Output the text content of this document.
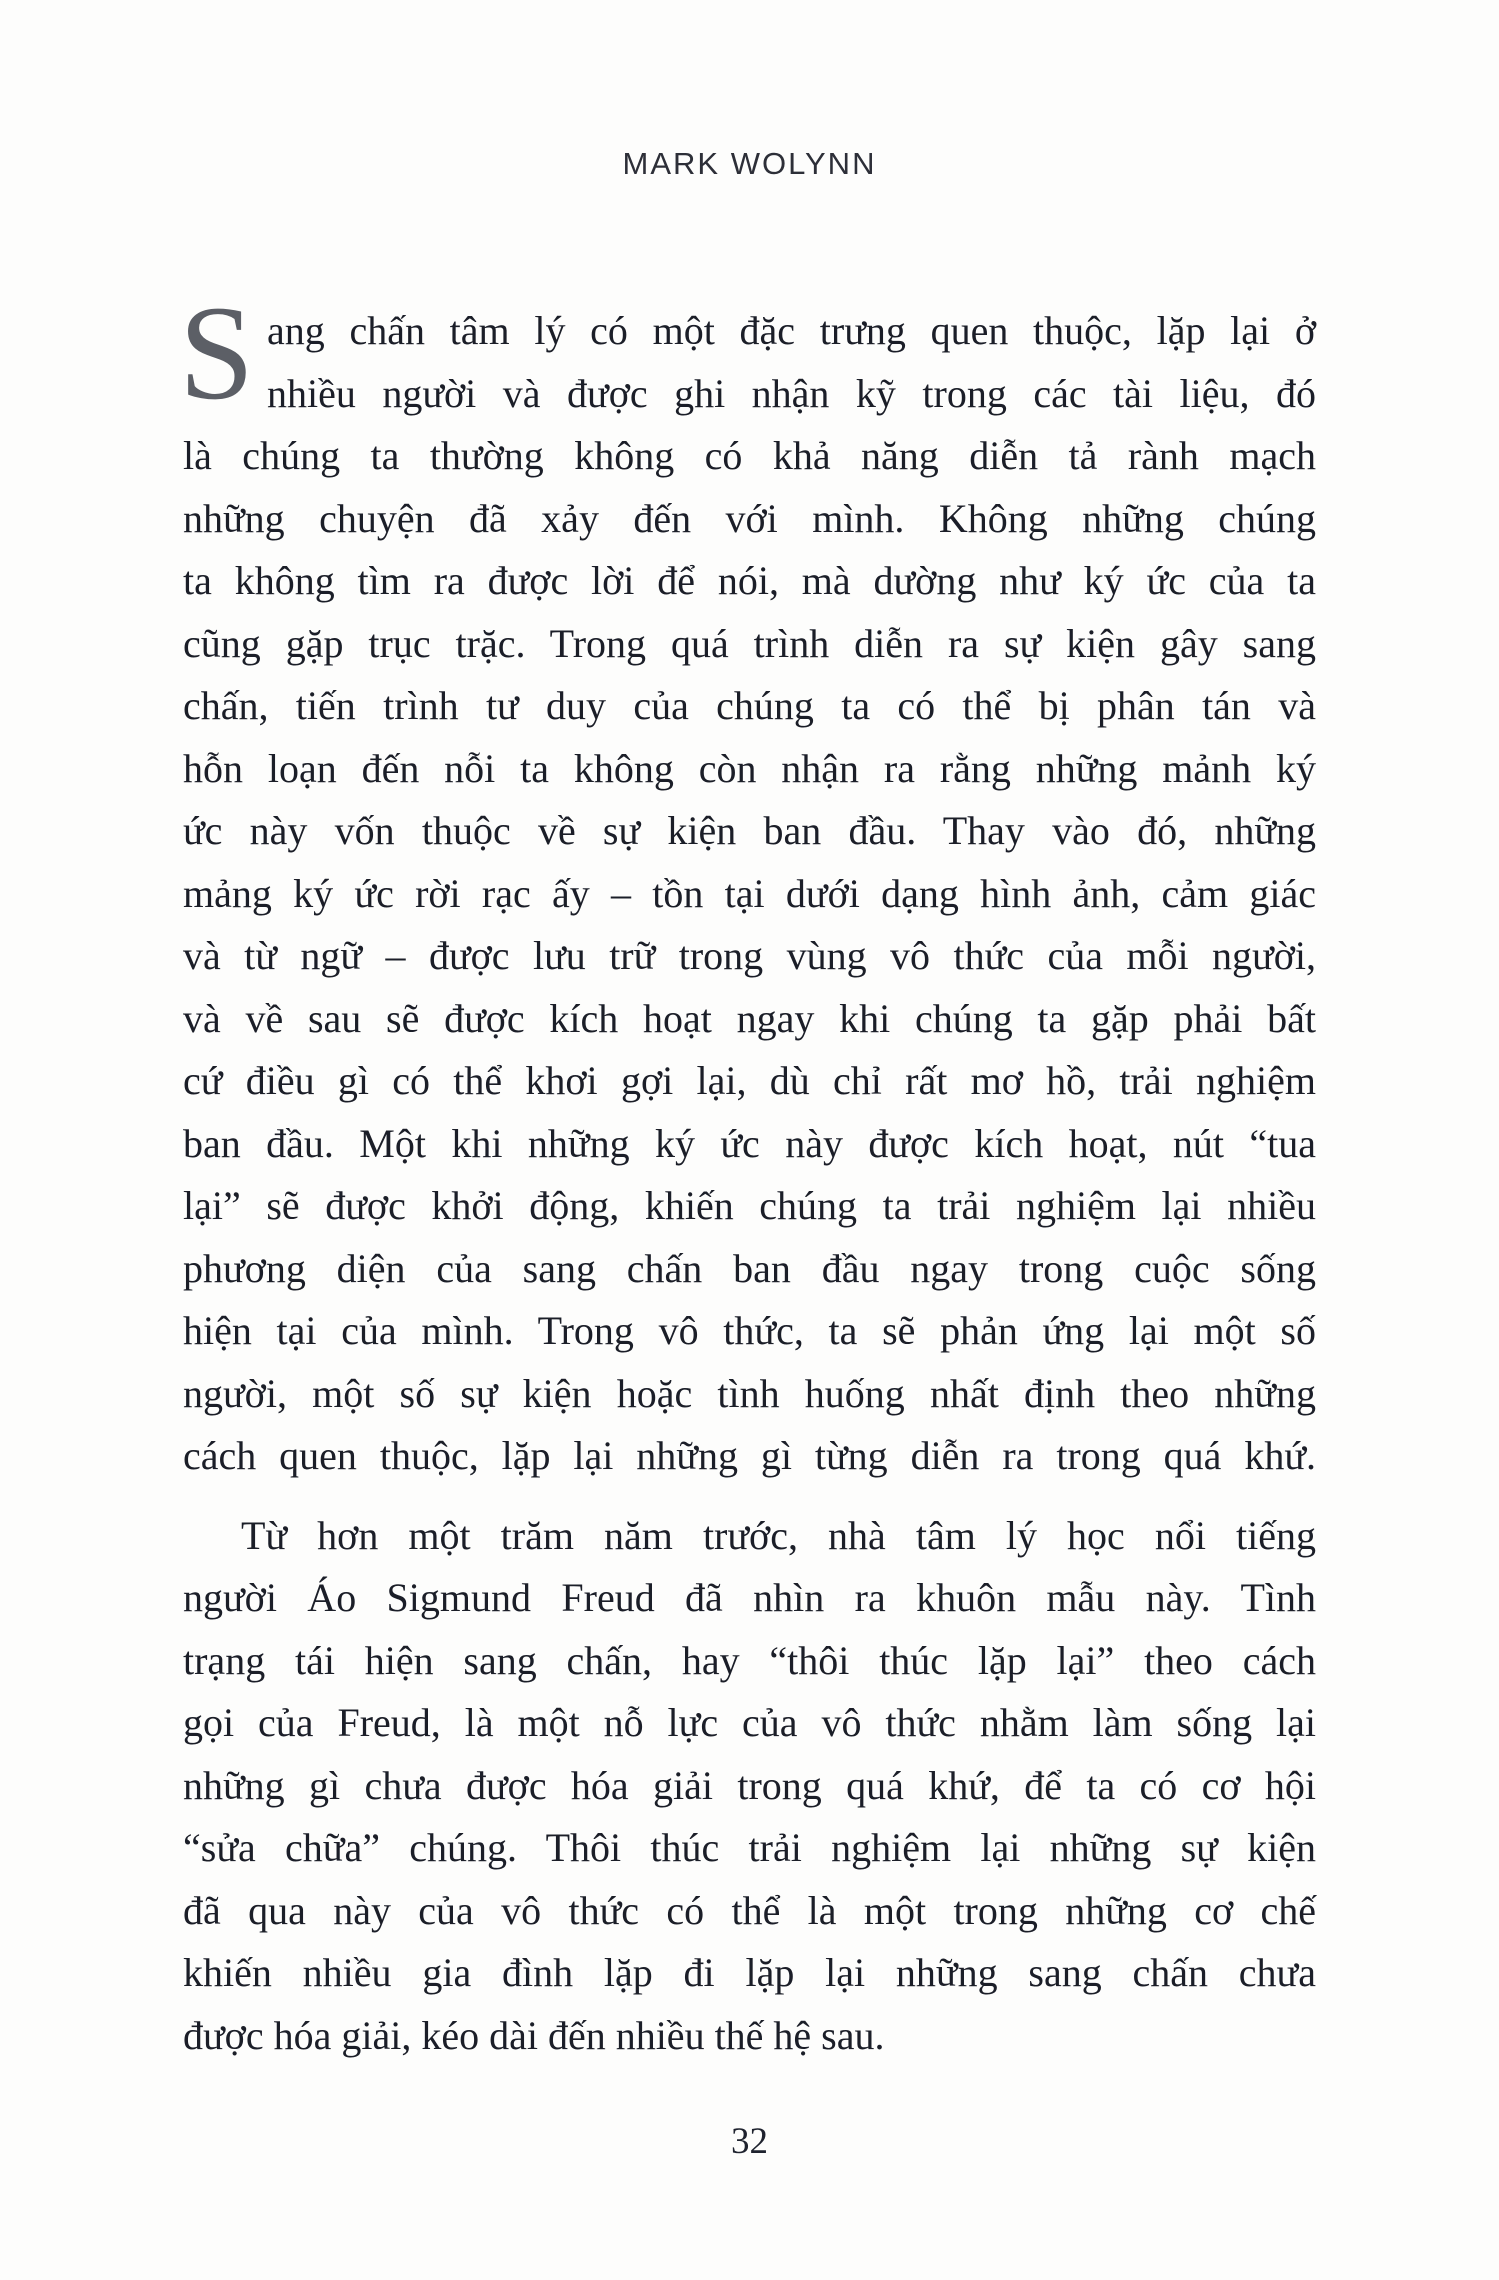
MARK WOLYNN
S ang chấn tâm lý có một đặc trưng quen thuộc, lặp lại ở
nhiều người và được ghi nhận kỹ trong các tài liệu, đó
là chúng ta thường không có khả năng diễn tả rành mạch
những chuyện đã xảy đến với mình. Không những chúng
ta không tìm ra được lời để nói, mà dường như ký ức của ta
cũng gặp trục trặc. Trong quá trình diễn ra sự kiện gây sang
chấn, tiến trình tư duy của chúng ta có thể bị phân tán và
hỗn loạn đến nỗi ta không còn nhận ra rằng những mảnh ký
ức này vốn thuộc về sự kiện ban đầu. Thay vào đó, những
mảng ký ức rời rạc ấy – tồn tại dưới dạng hình ảnh, cảm giác
và từ ngữ – được lưu trữ trong vùng vô thức của mỗi người,
và về sau sẽ được kích hoạt ngay khi chúng ta gặp phải bất
cứ điều gì có thể khơi gợi lại, dù chỉ rất mơ hồ, trải nghiệm
ban đầu. Một khi những ký ức này được kích hoạt, nút “tua
lại” sẽ được khởi động, khiến chúng ta trải nghiệm lại nhiều
phương diện của sang chấn ban đầu ngay trong cuộc sống
hiện tại của mình. Trong vô thức, ta sẽ phản ứng lại một số
người, một số sự kiện hoặc tình huống nhất định theo những
cách quen thuộc, lặp lại những gì từng diễn ra trong quá khứ.
Từ hơn một trăm năm trước, nhà tâm lý học nổi tiếng
người Áo Sigmund Freud đã nhìn ra khuôn mẫu này. Tình
trạng tái hiện sang chấn, hay “thôi thúc lặp lại” theo cách
gọi của Freud, là một nỗ lực của vô thức nhằm làm sống lại
những gì chưa được hóa giải trong quá khứ, để ta có cơ hội
“sửa chữa” chúng. Thôi thúc trải nghiệm lại những sự kiện
đã qua này của vô thức có thể là một trong những cơ chế
khiến nhiều gia đình lặp đi lặp lại những sang chấn chưa
được hóa giải, kéo dài đến nhiều thế hệ sau.
32
